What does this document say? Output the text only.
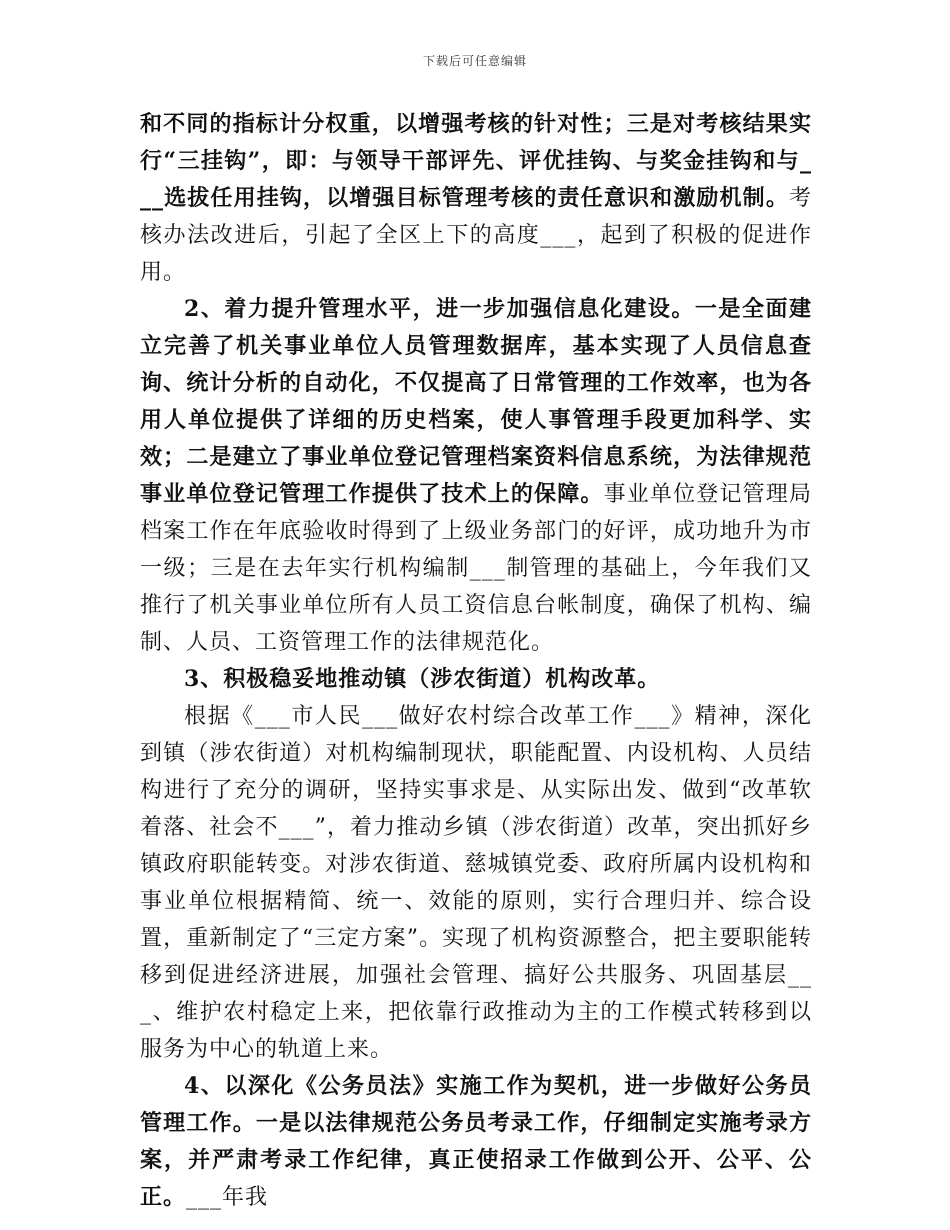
下载后可任意编辑

和不同的指标计分权重，以增强考核的针对性；三是对考核结果实行“三挂钩”，即：与领导干部评先、评优挂钩、与奖金挂钩和与___选拔任用挂钩，以增强目标管理考核的责任意识和激励机制。考核办法改进后，引起了全区上下的高度___，起到了积极的促进作用。

2、着力提升管理水平，进一步加强信息化建设。一是全面建立完善了机关事业单位人员管理数据库，基本实现了人员信息查询、统计分析的自动化，不仅提高了日常管理的工作效率，也为各用人单位提供了详细的历史档案，使人事管理手段更加科学、实效；二是建立了事业单位登记管理档案资料信息系统，为法律规范事业单位登记管理工作提供了技术上的保障。事业单位登记管理局档案工作在年底验收时得到了上级业务部门的好评，成功地升为市一级；三是在去年实行机构编制___制管理的基础上，今年我们又推行了机关事业单位所有人员工资信息台帐制度，确保了机构、编制、人员、工资管理工作的法律规范化。

3、积极稳妥地推动镇（涉农街道）机构改革。

根据《___市人民___做好农村综合改革工作___》精神，深化到镇（涉农街道）对机构编制现状，职能配置、内设机构、人员结构进行了充分的调研，坚持实事求是、从实际出发、做到“改革软着落、社会不___”，着力推动乡镇（涉农街道）改革，突出抓好乡镇政府职能转变。对涉农街道、慈城镇党委、政府所属内设机构和事业单位根据精简、统一、效能的原则，实行合理归并、综合设置，重新制定了“三定方案”。实现了机构资源整合，把主要职能转移到促进经济进展，加强社会管理、搞好公共服务、巩固基层___、维护农村稳定上来，把依靠行政推动为主的工作模式转移到以服务为中心的轨道上来。

4、以深化《公务员法》实施工作为契机，进一步做好公务员管理工作。一是以法律规范公务员考录工作，仔细制定实施考录方案，并严肃考录工作纪律，真正使招录工作做到公开、公平、公正。___年我
